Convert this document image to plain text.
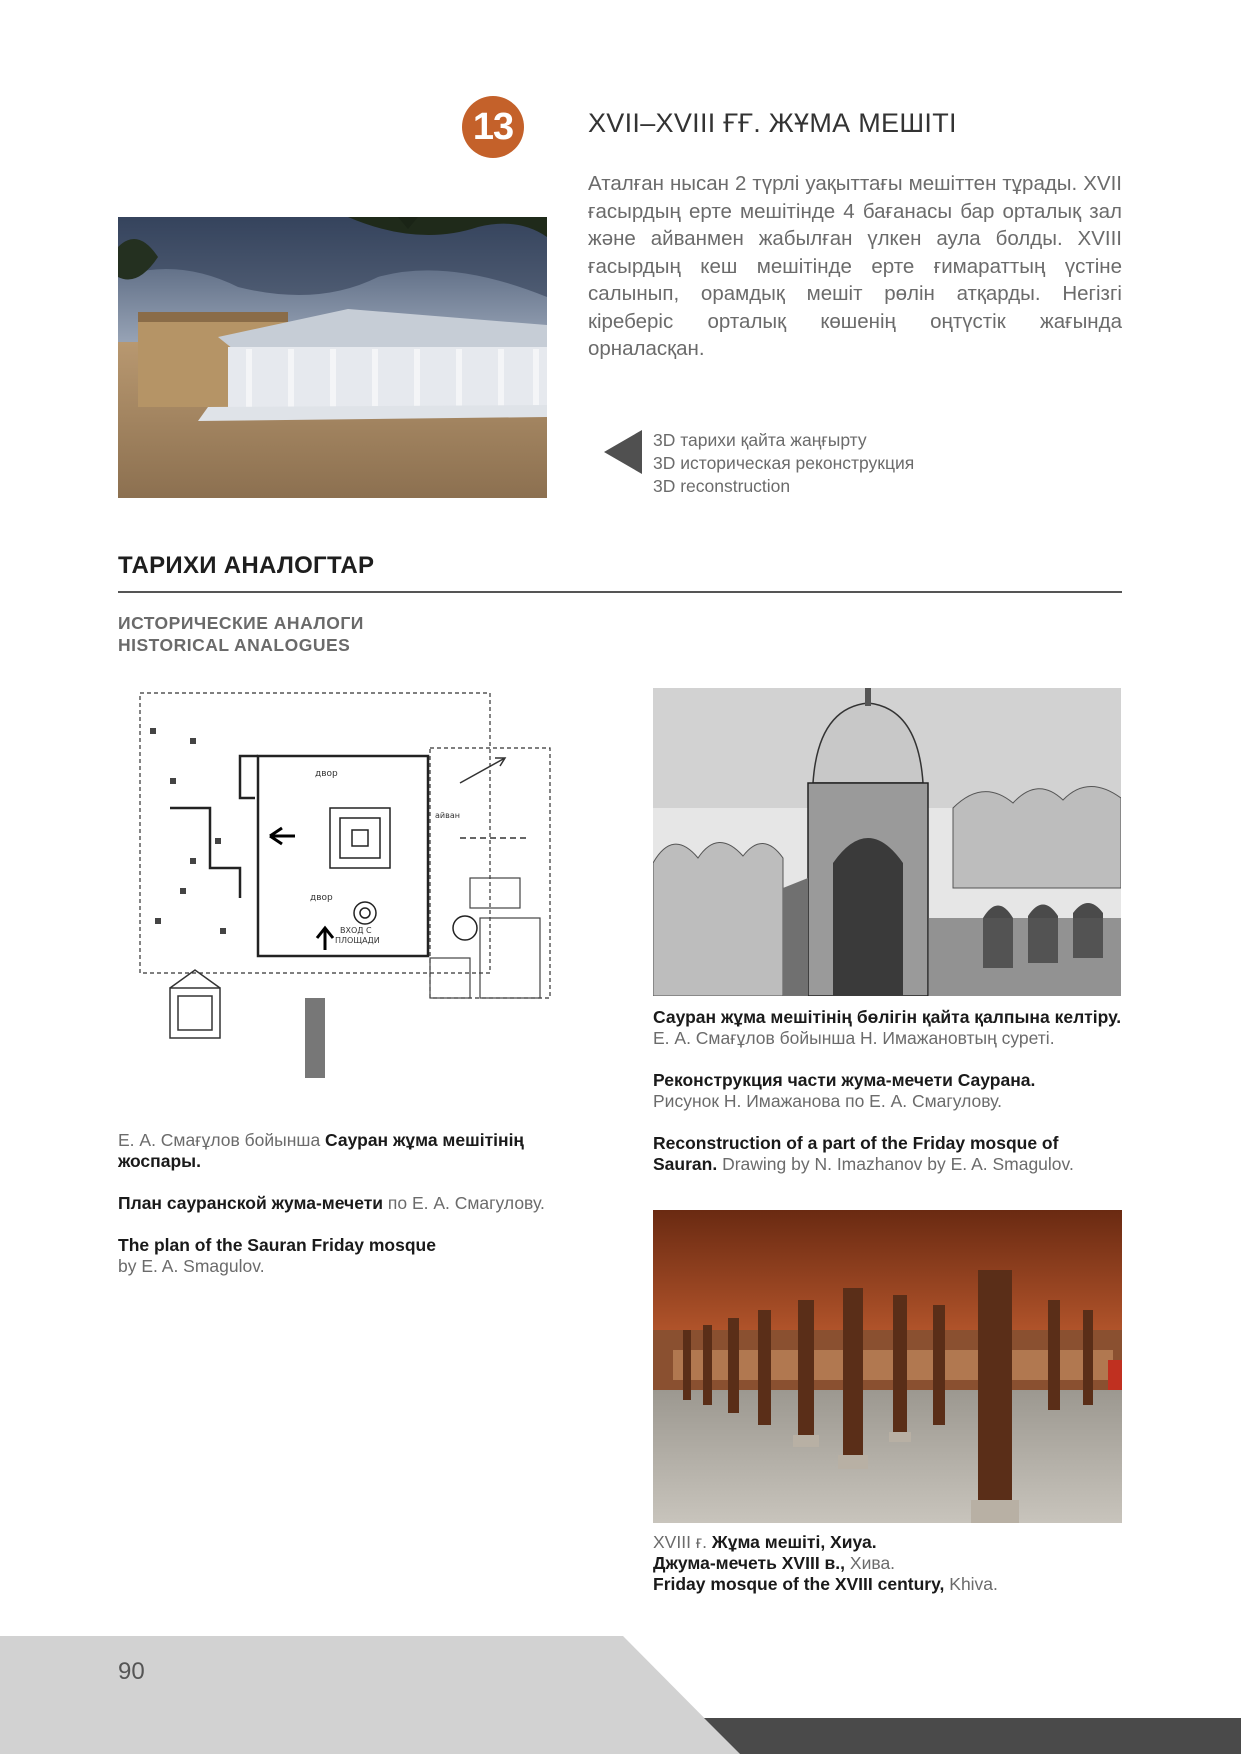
13	XVII–XVIII ҒҒ. ЖҰМА МЕШІТІ

Аталған нысан 2 түрлі уақыттағы мешіттен тұрады. XVII ғасырдың ерте мешітінде 4 бағанасы бар орталық зал және айванмен жабылған үлкен аула болды. XVIII ғасырдың кеш мешітінде ерте ғимараттың үстіне салынып, орамдық мешіт рөлін атқарды. Негізгі кіреберіс орталық көшенің оңтүстік жағында орналасқан.

3D тарихи қайта жаңғырту
3D историческая реконструкция
3D reconstruction
ТАРИХИ АНАЛОГТАР
ИСТОРИЧЕСКИЕ АНАЛОГИ
HISTORICAL ANALOGUES
двор
двор
айван
ВХОД С
ПЛОЩАДИ

Е. А. Смағұлов бойынша Сауран жұма мешітінің жоспары.

План сауранской жума-мечети по Е. А. Смагулову.

The plan of the Sauran Friday mosque
by E. A. Smagulov.

Сауран жұма мешітінің бөлігін қайта қалпына келтіру. Е. А. Смағұлов бойынша Н. Имажановтың суреті.

Реконструкция части жума-мечети Саурана.
Рисунок Н. Имажанова по Е. А. Смагулову.

Reconstruction of a part of the Friday mosque of Sauran. Drawing by N. Imazhanov by E. A. Smagulov.

XVIII ғ. Жұма мешіті, Хиуа.
Джума-мечеть XVIII в., Хива.
Friday mosque of the XVIII century, Khiva.
90
